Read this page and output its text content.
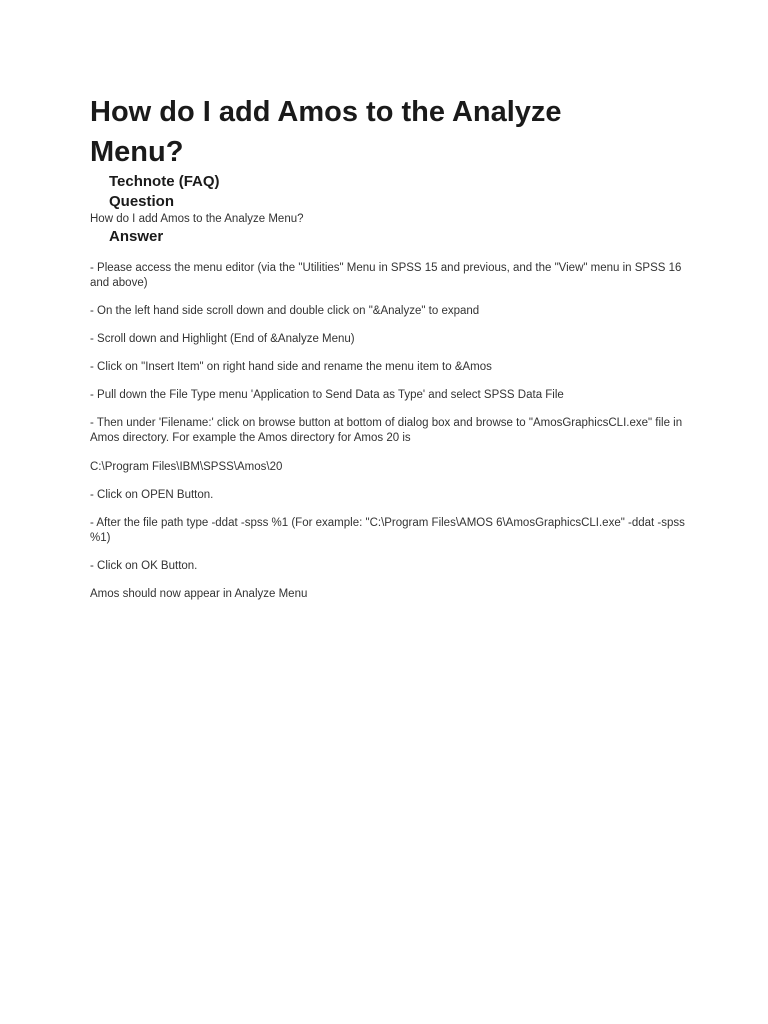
How do I add Amos to the Analyze Menu?
Technote (FAQ)
Question

How do I add Amos to the Analyze Menu?

Answer

- Please access the menu editor (via the "Utilities" Menu in SPSS 15 and previous, and the "View" menu in SPSS 16 and above)

- On the left hand side scroll down and double click on "&Analyze" to expand

- Scroll down and Highlight (End of &Analyze Menu)

- Click on "Insert Item" on right hand side and rename the menu item to &Amos

- Pull down the File Type menu 'Application to Send Data as Type' and select SPSS Data File

- Then under 'Filename:' click on browse button at bottom of dialog box and browse to "AmosGraphicsCLI.exe" file in Amos directory. For example the Amos directory for Amos 20 is

C:\Program Files\IBM\SPSS\Amos\20

- Click on OPEN Button.

- After the file path type -ddat -spss %1 (For example: "C:\Program Files\AMOS 6\AmosGraphicsCLI.exe" -ddat -spss %1)

- Click on OK Button.

Amos should now appear in Analyze Menu
